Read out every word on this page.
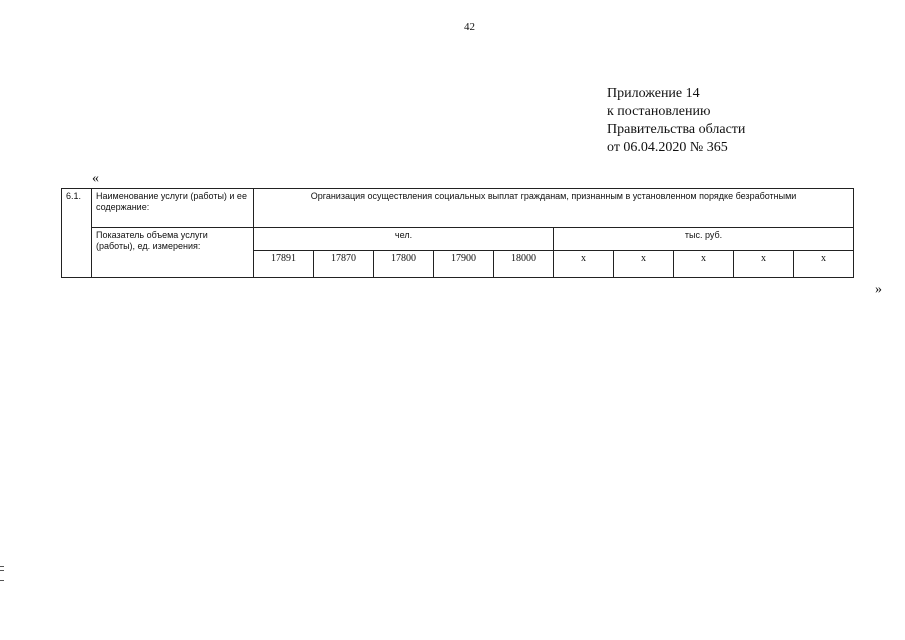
42
Приложение 14
к постановлению
Правительства области
от 06.04.2020 № 365
«
6.1.	Наименование услуги (работы) и ее содержание:	Организация осуществления социальных выплат гражданам, признанным в установленном порядке безработными									
	Показатель объема услуги (работы), ед. измерения:	чел.					тыс. руб.				
		17891	17870	17800	17900	18000	х	х	х	х	х
»
